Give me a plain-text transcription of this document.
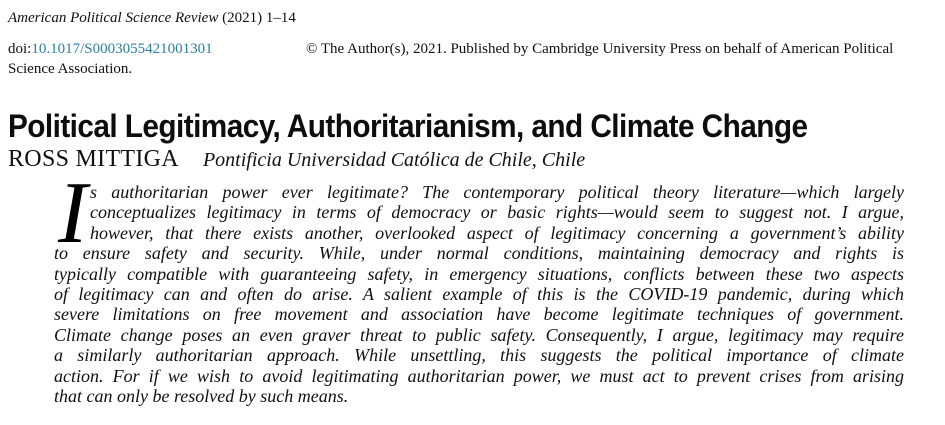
American Political Science Review (2021) 1–14
doi:10.1017/S0003055421001301	© The Author(s), 2021. Published by Cambridge University Press on behalf of American Political
Science Association.
Political Legitimacy, Authoritarianism, and Climate Change
ROSS MITTIGA Pontificia Universidad Católica de Chile, Chile
I s authoritarian power ever legitimate? The contemporary political theory literature—which largely
conceptualizes legitimacy in terms of democracy or basic rights—would seem to suggest not. I argue,
however, that there exists another, overlooked aspect of legitimacy concerning a government’s ability
to ensure safety and security. While, under normal conditions, maintaining democracy and rights is
typically compatible with guaranteeing safety, in emergency situations, conflicts between these two aspects
of legitimacy can and often do arise. A salient example of this is the COVID-19 pandemic, during which
severe limitations on free movement and association have become legitimate techniques of government.
Climate change poses an even graver threat to public safety. Consequently, I argue, legitimacy may require
a similarly authoritarian approach. While unsettling, this suggests the political importance of climate
action. For if we wish to avoid legitimating authoritarian power, we must act to prevent crises from arising
that can only be resolved by such means.
